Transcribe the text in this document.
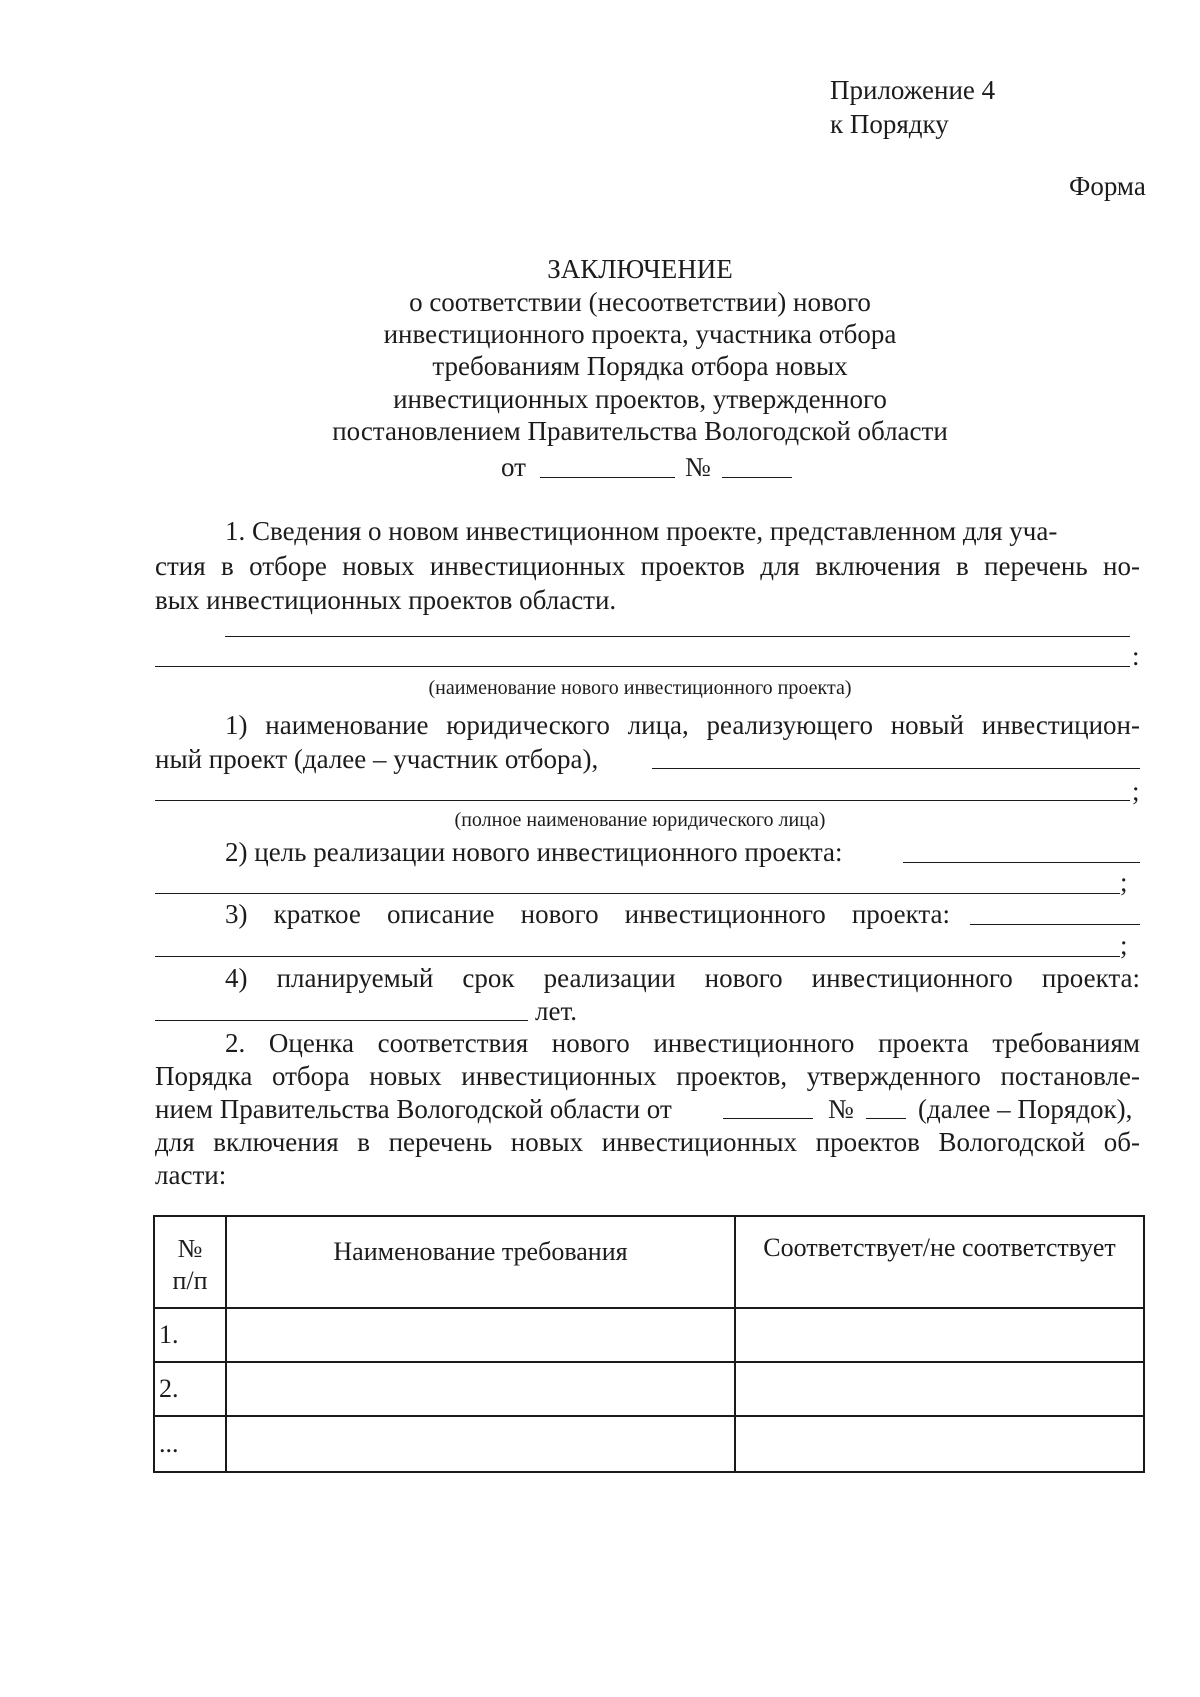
Приложение 4
к Порядку
Форма
ЗАКЛЮЧЕНИЕ
о соответствии (несоответствии) нового
инвестиционного проекта, участника отбора
требованиям Порядка отбора новых
инвестиционных проектов, утвержденного
постановлением Правительства Вологодской области
от	№
1. Сведения о новом инвестиционном проекте, представленном для уча-
стия в отборе новых инвестиционных проектов для включения в перечень но-
вых инвестиционных проектов области.
:
(наименование нового инвестиционного проекта)
1) наименование юридического лица, реализующего новый инвестицион-
ный проект (далее – участник отбора),
;
(полное наименование юридического лица)
2) цель реализации нового инвестиционного проекта:
;
3) краткое описание нового инвестиционного проекта:
;
4) планируемый срок реализации нового инвестиционного проекта:
лет.
2. Оценка соответствия нового инвестиционного проекта требованиям
Порядка отбора новых инвестиционных проектов, утвержденного постановле-
нием Правительства Вологодской области от	№ (далее – Порядок),
для включения в перечень новых инвестиционных проектов Вологодской об-
ласти:
№
п/п	Наименование требования	Соответствует/не соответствует
1.		
2.		
...		
